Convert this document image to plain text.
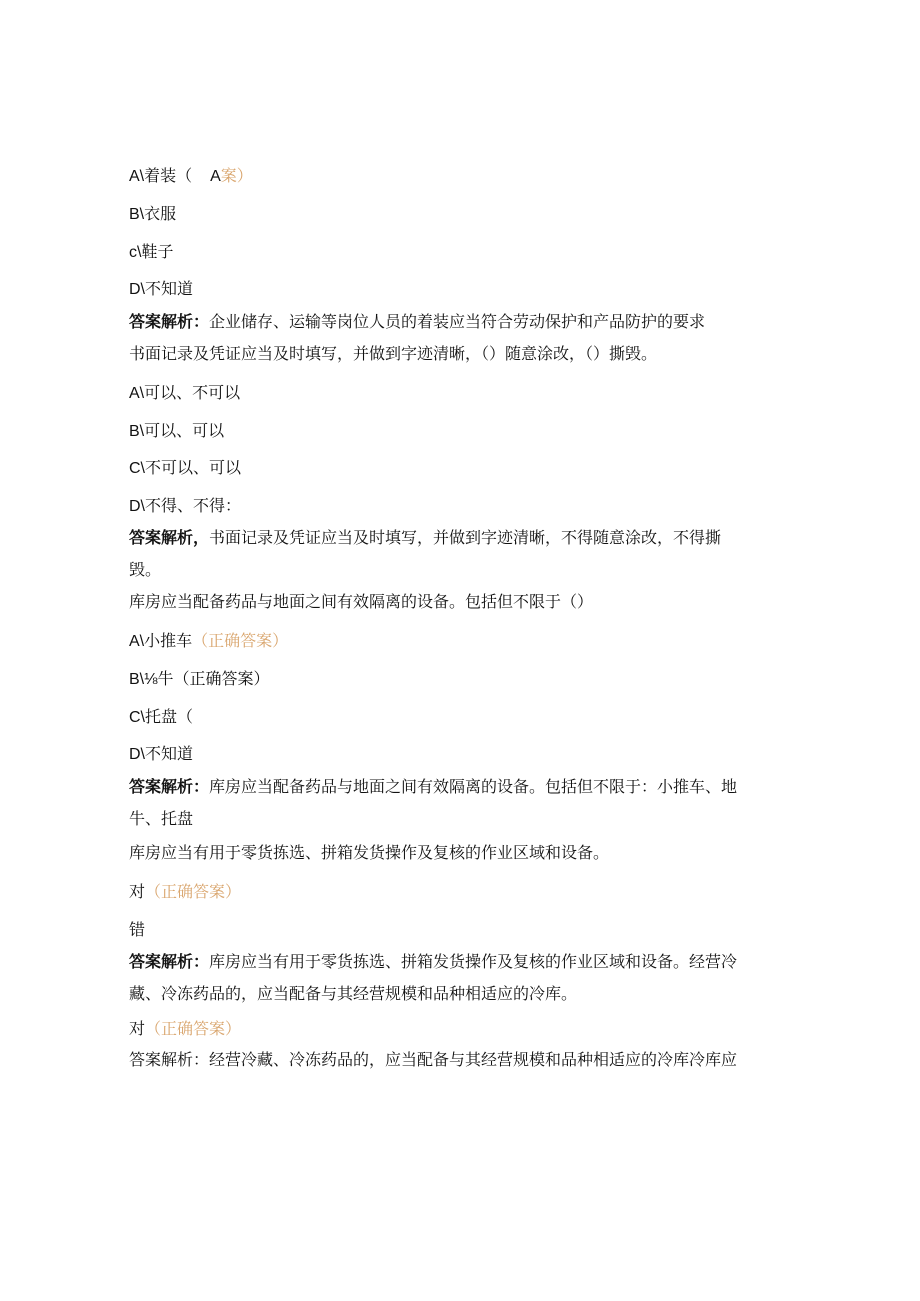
A\着装（ A案）
B\衣服
c\鞋子
D\不知道
答案解析：企业储存、运输等岗位人员的着装应当符合劳动保护和产品防护的要求
书面记录及凭证应当及时填写，并做到字迹清晰，（）随意涂改，（）撕毁。
A\可以、不可以
B\可以、可以
C\不可以、可以
D\不得、不得：
答案解析，书面记录及凭证应当及时填写，并做到字迹清晰，不得随意涂改，不得撕
毁。
库房应当配备药品与地面之间有效隔离的设备。包括但不限于（）
A\小推车（正确答案）
B\⅛牛（正确答案）
C\托盘（
D\不知道
答案解析：库房应当配备药品与地面之间有效隔离的设备。包括但不限于：小推车、地
牛、托盘
库房应当有用于零货拣选、拼箱发货操作及复核的作业区域和设备。
对（正确答案）
错
答案解析：库房应当有用于零货拣选、拼箱发货操作及复核的作业区域和设备。经营冷
藏、冷冻药品的，应当配备与其经营规模和品种相适应的冷库。
对（正确答案）
答案解析：经营冷藏、冷冻药品的，应当配备与其经营规模和品种相适应的冷库冷库应
